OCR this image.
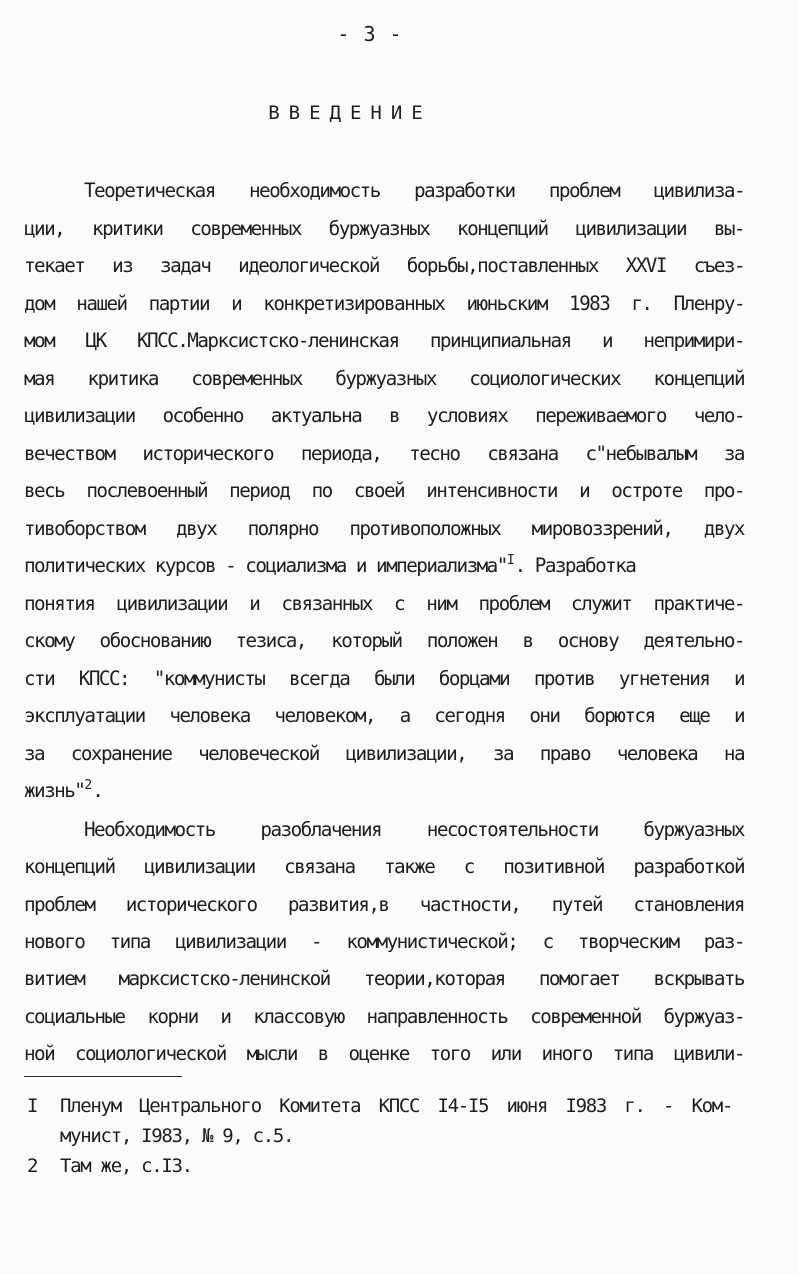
- 3 -
ВВЕДЕНИЕ
Теоретическая необходимость разработки проблем цивилиза-
ции, критики современных буржуазных концепций цивилизации вы-
текает из задач идеологической борьбы,поставленных XXVI съез-
дом нашей партии и конкретизированных июньским 1983 г. Пленру-
мом ЦК КПСС.Марксистско-ленинская принципиальная и непримири-
мая критика современных буржуазных социологических концепций
цивилизации особенно актуальна в условиях переживаемого чело-
вечеством исторического периода, тесно связана с"небывалым за
весь послевоенный период по своей интенсивности и остроте про-
тивоборством двух полярно противоположных мировоззрений, двух
политических курсов - социализма и империализма"$^I$. Разработка
понятия цивилизации и связанных с ним проблем служит практиче-
скому обоснованию тезиса, который положен в основу деятельно-
сти КПСС: "коммунисты всегда были борцами против угнетения и
эксплуатации человека человеком, а сегодня они борются еще и
за сохранение человеческой цивилизации, за право человека на
жизнь"$^2$.
Необходимость разоблачения несостоятельности буржуазных
концепций цивилизации связана также с позитивной разработкой
проблем исторического развития,в частности, путей становления
нового типа цивилизации - коммунистической; с творческим раз-
витием марксистско-ленинской теории,которая помогает вскрывать
социальные корни и классовую направленность современной буржуаз-
ной социологической мысли в оценке того или иного типа цивили-
I Пленум Центрального Комитета КПСС I4-I5 июня I983 г. - Ком-
мунист, I983, № 9, с.5.
2 Там же, с.I3.
